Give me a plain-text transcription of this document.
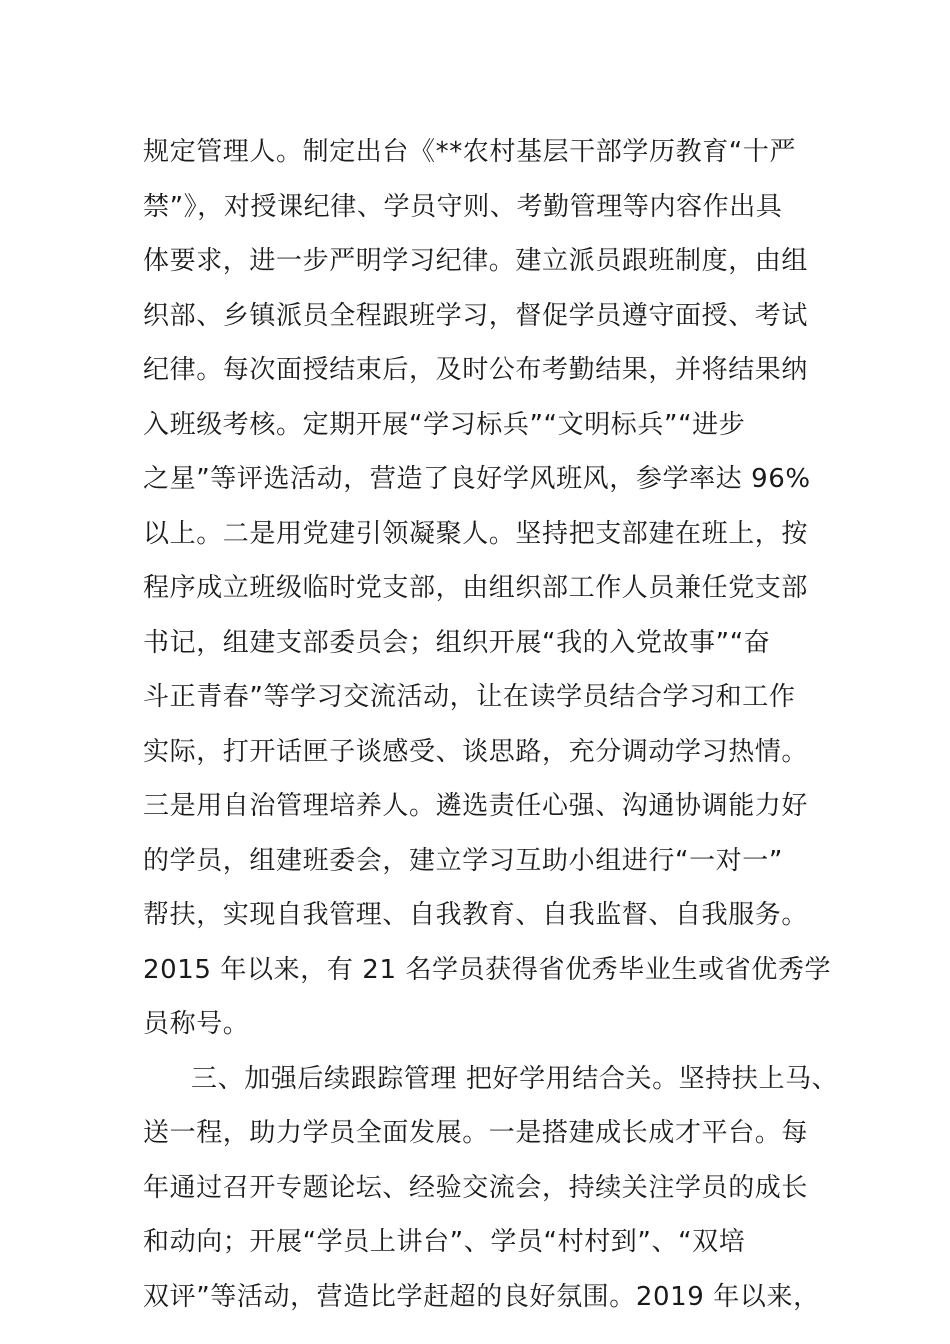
规定管理人。制定出台《**农村基层干部学历教育“十严
禁”》，对授课纪律、学员守则、考勤管理等内容作出具
体要求，进一步严明学习纪律。建立派员跟班制度，由组
织部、乡镇派员全程跟班学习，督促学员遵守面授、考试
纪律。每次面授结束后，及时公布考勤结果，并将结果纳
入班级考核。定期开展“学习标兵”“文明标兵”“进步
之星”等评选活动，营造了良好学风班风，参学率达 96%
以上。二是用党建引领凝聚人。坚持把支部建在班上，按
程序成立班级临时党支部，由组织部工作人员兼任党支部
书记，组建支部委员会；组织开展“我的入党故事”“奋
斗正青春”等学习交流活动，让在读学员结合学习和工作
实际，打开话匣子谈感受、谈思路，充分调动学习热情。
三是用自治管理培养人。遴选责任心强、沟通协调能力好
的学员，组建班委会，建立学习互助小组进行“一对一”
帮扶，实现自我管理、自我教育、自我监督、自我服务。
2015 年以来，有 21 名学员获得省优秀毕业生或省优秀学
员称号。
三、加强后续跟踪管理 把好学用结合关。坚持扶上马、
送一程，助力学员全面发展。一是搭建成长成才平台。每
年通过召开专题论坛、经验交流会，持续关注学员的成长
和动向；开展“学员上讲台”、学员“村村到”、“双培
双评”等活动，营造比学赶超的良好氛围。2019 年以来，
